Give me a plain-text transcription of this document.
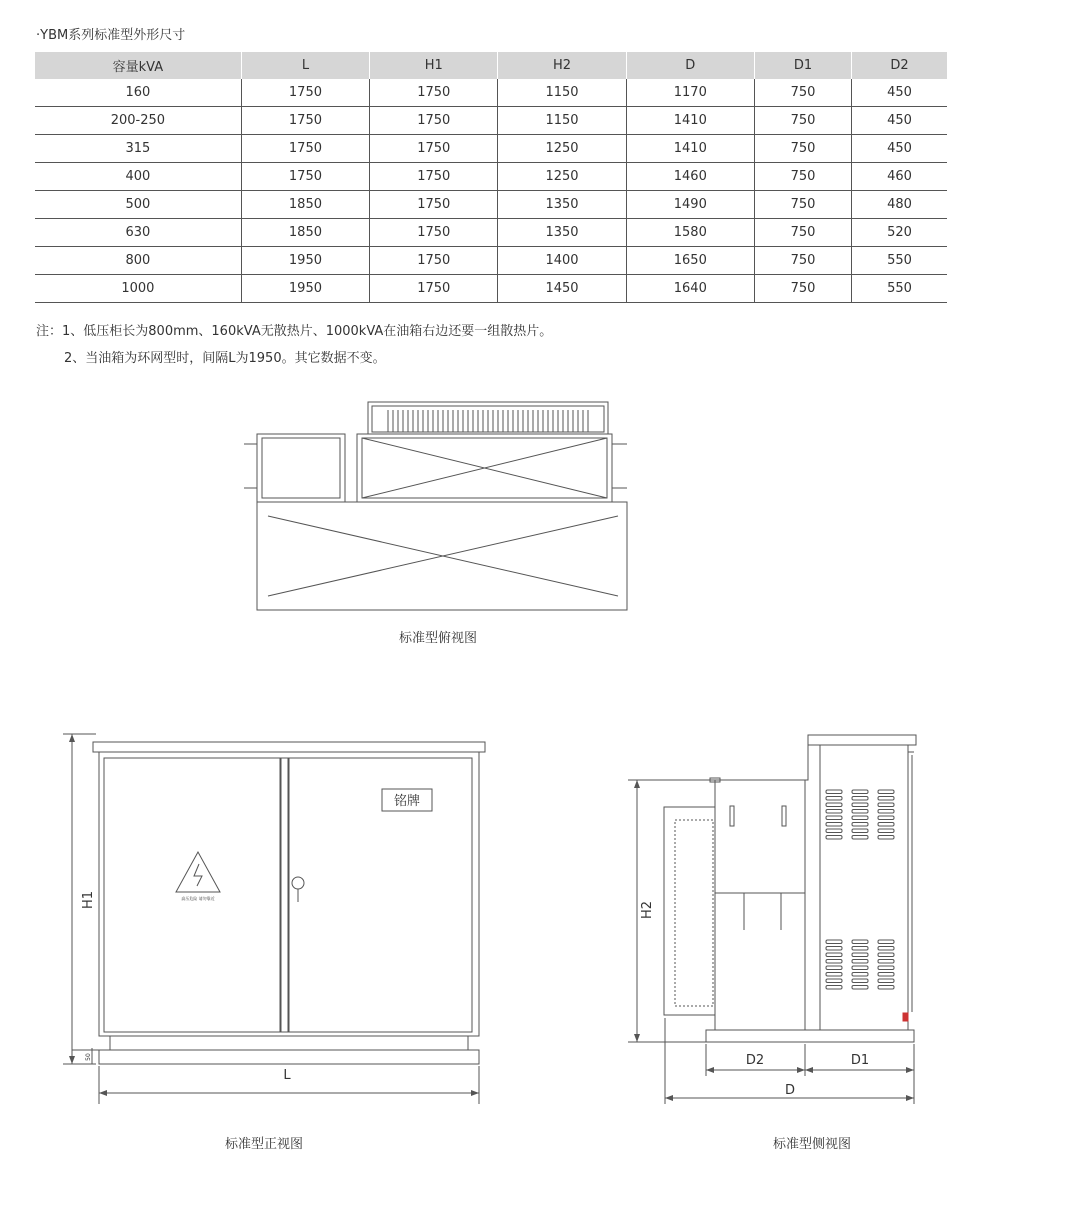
·YBM系列标准型外形尺寸
容量kVA	L	H1	H2	D	D1	D2
160	1750	1750	1150	1170	750	450
200-250	1750	1750	1150	1410	750	450
315	1750	1750	1250	1410	750	450
400	1750	1750	1250	1460	750	460
500	1850	1750	1350	1490	750	480
630	1850	1750	1350	1580	750	520
800	1950	1750	1400	1650	750	550
1000	1950	1750	1450	1640	750	550
注：1、低压柜长为800mm、160kVA无散热片、1000kVA在油箱右边还要一组散热片。
2、当油箱为环网型时，间隔L为1950。其它数据不变。
标准型俯视图
标准型正视图	标准型侧视图
铭牌
高压危险 请勿靠近
H1
L
50
H2
D2	D1
D
